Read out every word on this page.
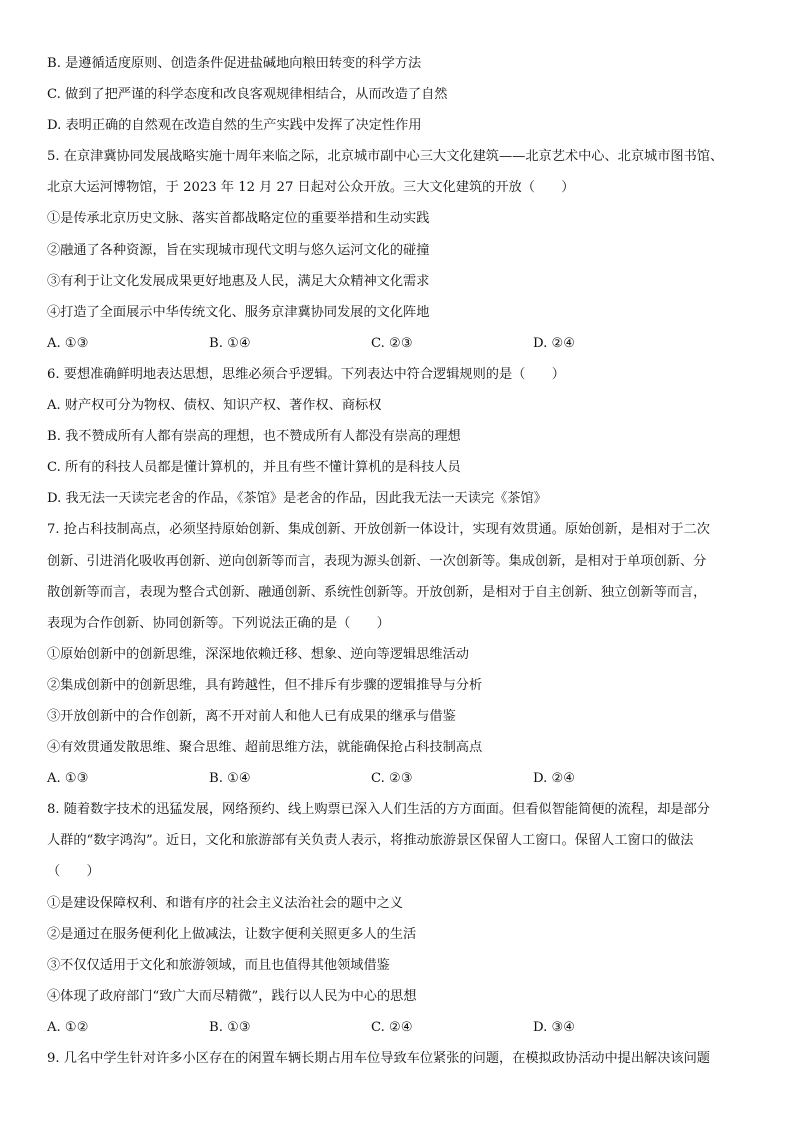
B. 是遵循适度原则、创造条件促进盐碱地向粮田转变的科学方法
C. 做到了把严谨的科学态度和改良客观规律相结合，从而改造了自然
D. 表明正确的自然观在改造自然的生产实践中发挥了决定性作用
5. 在京津冀协同发展战略实施十周年来临之际，北京城市副中心三大文化建筑——北京艺术中心、北京城市图书馆、
北京大运河博物馆，于 2023 年 12 月 27 日起对公众开放。三大文化建筑的开放（　　）
①是传承北京历史文脉、落实首都战略定位的重要举措和生动实践
②融通了各种资源，旨在实现城市现代文明与悠久运河文化的碰撞
③有利于让文化发展成果更好地惠及人民，满足大众精神文化需求
④打造了全面展示中华传统文化、服务京津冀协同发展的文化阵地
A. ①③	B. ①④	C. ②③	D. ②④
6. 要想准确鲜明地表达思想，思维必须合乎逻辑。下列表达中符合逻辑规则的是（　　）
A. 财产权可分为物权、债权、知识产权、著作权、商标权
B. 我不赞成所有人都有崇高的理想，也不赞成所有人都没有崇高的理想
C. 所有的科技人员都是懂计算机的，并且有些不懂计算机的是科技人员
D. 我无法一天读完老舍的作品，《茶馆》是老舍的作品，因此我无法一天读完《茶馆》
7. 抢占科技制高点，必须坚持原始创新、集成创新、开放创新一体设计，实现有效贯通。原始创新，是相对于二次
创新、引进消化吸收再创新、逆向创新等而言，表现为源头创新、一次创新等。集成创新，是相对于单项创新、分
散创新等而言，表现为整合式创新、融通创新、系统性创新等。开放创新，是相对于自主创新、独立创新等而言，
表现为合作创新、协同创新等。下列说法正确的是（　　）
①原始创新中的创新思维，深深地依赖迁移、想象、逆向等逻辑思维活动
②集成创新中的创新思维，具有跨越性，但不排斥有步骤的逻辑推导与分析
③开放创新中的合作创新，离不开对前人和他人已有成果的继承与借鉴
④有效贯通发散思维、聚合思维、超前思维方法，就能确保抢占科技制高点
A. ①③	B. ①④	C. ②③	D. ②④
8. 随着数字技术的迅猛发展，网络预约、线上购票已深入人们生活的方方面面。但看似智能简便的流程，却是部分
人群的“数字鸿沟”。近日，文化和旅游部有关负责人表示，将推动旅游景区保留人工窗口。保留人工窗口的做法
（　　）
①是建设保障权利、和谐有序的社会主义法治社会的题中之义
②是通过在服务便利化上做减法，让数字便利关照更多人的生活
③不仅仅适用于文化和旅游领域，而且也值得其他领域借鉴
④体现了政府部门“致广大而尽精微”，践行以人民为中心的思想
A. ①②	B. ①③	C. ②④	D. ③④
9. 几名中学生针对许多小区存在的闲置车辆长期占用车位导致车位紧张的问题，在模拟政协活动中提出解决该问题
